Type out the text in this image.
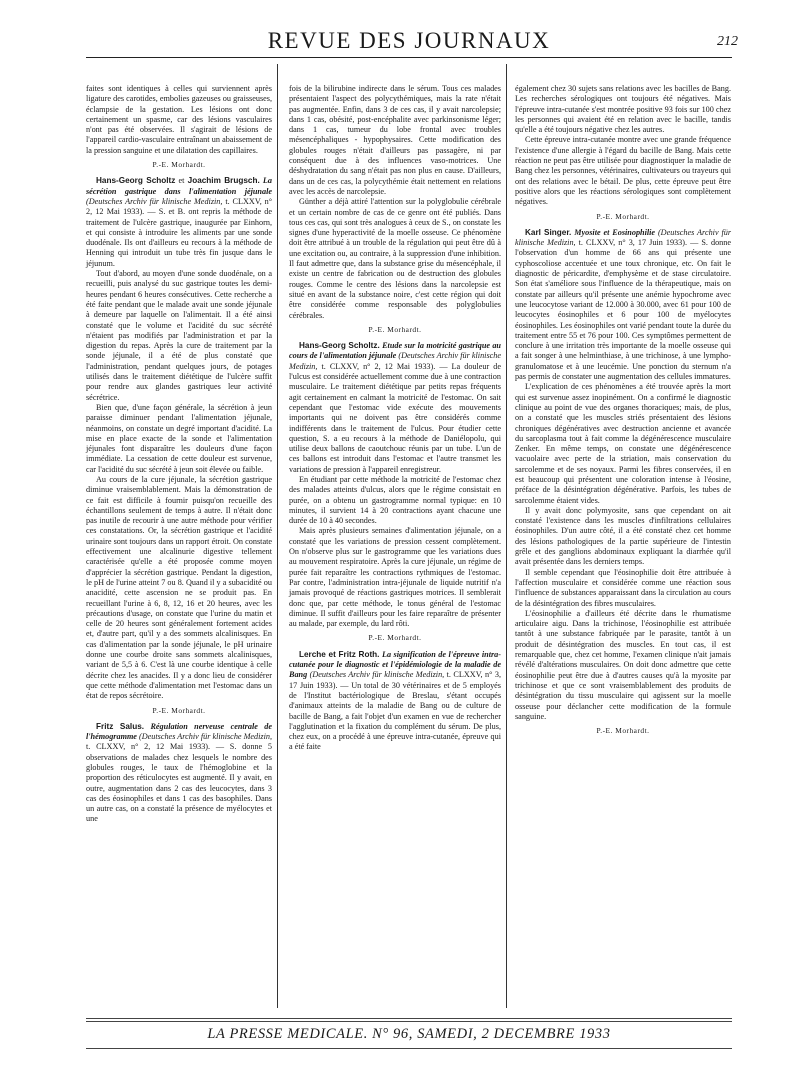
REVUE DES JOURNAUX	212

faites sont identiques à celles qui surviennent après ligature des carotides, embolies gazeuses ou graisseuses, éclampsie de la gestation. Les lésions ont donc certainement un spasme, car des lésions vasculaires n'ont pas été observées. Il s'agirait de lésions de l'appareil cardio-vasculaire entraînant un abaissement de la pression sanguine et une dilatation des capillaires.

P.-E. Morhardt.

Hans-Georg Scholtz et Joachim Brugsch. La sécrétion gastrique dans l'alimentation jéjunale (Deutsches Archiv für klinische Medizin, t. CLXXV, n° 2, 12 Mai 1933). — S. et B. ont repris la méthode de traitement de l'ulcère gastrique, inaugurée par Einhorn, et qui consiste à introduire les aliments par une sonde duodénale. Ils ont d'ailleurs eu recours à la méthode de Henning qui introduit un tube très fin jusque dans le jéjunum.

Tout d'abord, au moyen d'une sonde duodénale, on a recueilli, puis analysé du suc gastrique toutes les demi-heures pendant 6 heures consécutives. Cette recherche a été faite pendant que le malade avait une sonde jéjunale à demeure par laquelle on l'alimentait. Il a été ainsi constaté que le volume et l'acidité du suc sécrété n'étaient pas modifiés par l'administration et par la digestion du repas. Après la cure de traitement par la sonde jéjunale, il a été de plus constaté que l'administration, pendant quelques jours, de potages utilisés dans le traitement diététique de l'ulcère suffit pour rendre aux glandes gastriques leur activité sécrétrice.

Bien que, d'une façon générale, la sécrétion à jeun paraisse diminuer pendant l'alimentation jéjunale, néanmoins, on constate un degré important d'acidité. La mise en place exacte de la sonde et l'alimentation jéjunales font disparaître les douleurs d'une façon immédiate. La cessation de cette douleur est survenue, car l'acidité du suc sécrété à jeun soit élevée ou faible.

Au cours de la cure jéjunale, la sécrétion gastrique diminue vraisemblablement. Mais la démonstration de ce fait est difficile à fournir puisqu'on recueille des échantillons seulement de temps à autre. Il n'était donc pas inutile de recourir à une autre méthode pour vérifier ces constatations. Or, la sécrétion gastrique et l'acidité urinaire sont toujours dans un rapport étroit. On constate effectivement une alcalinurie digestive tellement caractérisée qu'elle a été proposée comme moyen d'apprécier la sécrétion gastrique. Pendant la digestion, le pH de l'urine atteint 7 ou 8. Quand il y a subacidité ou anacidité, cette ascension ne se produit pas. En recueillant l'urine à 6, 8, 12, 16 et 20 heures, avec les précautions d'usage, on constate que l'urine du matin et celle de 20 heures sont généralement fortement acides et, d'autre part, qu'il y a des sommets alcalinisques. En cas d'alimentation par la sonde jéjunale, le pH urinaire donne une courbe droite sans sommets alcalinisques, variant de 5,5 à 6. C'est là une courbe identique à celle décrite chez les anacides. Il y a donc lieu de considérer que cette méthode d'alimentation met l'estomac dans un état de repos sécrétoire.

P.-E. Morhardt.

Fritz Salus. Régulation nerveuse centrale de l'hémogramme (Deutsches Archiv für klinische Medizin, t. CLXXV, n° 2, 12 Mai 1933). — S. donne 5 observations de malades chez lesquels le nombre des globules rouges, le taux de l'hémoglobine et la proportion des réticulocytes est augmenté. Il y avait, en outre, augmentation dans 2 cas des leucocytes, dans 3 cas des éosinophiles et dans 1 cas des basophiles. Dans un autre cas, on a constaté la présence de myélocytes et une

fois de la bilirubine indirecte dans le sérum. Tous ces malades présentaient l'aspect des polycythémiques, mais la rate n'était pas augmentée. Enfin, dans 3 de ces cas, il y avait narcolepsie; dans 1 cas, obésité, post-encéphalite avec parkinsonisme léger; dans 1 cas, tumeur du lobe frontal avec troubles mésencéphaliques - hypophysaires. Cette modification des globules rouges n'était d'ailleurs pas passagère, ni par conséquent due à des influences vaso-motrices. Une déshydratation du sang n'était pas non plus en cause. D'ailleurs, dans un de ces cas, la polycythémie était nettement en relations avec les accès de narcolepsie.

Günther a déjà attiré l'attention sur la polyglobulie cérébrale et un certain nombre de cas de ce genre ont été publiés. Dans tous ces cas, qui sont très analogues à ceux de S., on constate les signes d'une hyperactivité de la moelle osseuse. Ce phénomène doit être attribué à un trouble de la régulation qui peut être dû à une excitation ou, au contraire, à la suppression d'une inhibition. Il faut admettre que, dans la substance grise du mésencéphale, il existe un centre de fabrication ou de destruction des globules rouges. Comme le centre des lésions dans la narcolepsie est situé en avant de la substance noire, c'est cette région qui doit être considérée comme responsable des polyglobulies cérébrales.

P.-E. Morhardt.

Hans-Georg Scholtz. Etude sur la motricité gastrique au cours de l'alimentation jéjunale (Deutsches Archiv für klinische Medizin, t. CLXXV, n° 2, 12 Mai 1933). — La douleur de l'ulcus est considérée actuellement comme due à une contraction musculaire. Le traitement diététique par petits repas fréquents agit certainement en calmant la motricité de l'estomac. On sait cependant que l'estomac vide exécute des mouvements importants qui ne doivent pas être considérés comme indifférents dans le traitement de l'ulcus. Pour étudier cette question, S. a eu recours à la méthode de Daniélopolu, qui utilise deux ballons de caoutchouc réunis par un tube. L'un de ces ballons est introduit dans l'estomac et l'autre transmet les variations de pression à l'appareil enregistreur.

En étudiant par cette méthode la motricité de l'estomac chez des malades atteints d'ulcus, alors que le régime consistait en purée, on a obtenu un gastrogramme normal typique: en 10 minutes, il survient 14 à 20 contractions ayant chacune une durée de 10 à 40 secondes.

Mais après plusieurs semaines d'alimentation jéjunale, on a constaté que les variations de pression cessent complètement. On n'observe plus sur le gastrogramme que les variations dues au mouvement respiratoire. Après la cure jéjunale, un régime de purée fait reparaître les contractions rythmiques de l'estomac. Par contre, l'administration intra-jéjunale de liquide nutritif n'a jamais provoqué de réactions gastriques motrices. Il semblerait donc que, par cette méthode, le tonus général de l'estomac diminue. Il suffit d'ailleurs pour les faire reparaître de présenter au malade, par exemple, du lard rôti.

P.-E. Morhardt.

Lerche et Fritz Roth. La signification de l'épreuve intra-cutanée pour le diagnostic et l'épidémiologie de la maladie de Bang (Deutsches Archiv für klinische Medizin, t. CLXXV, n° 3, 17 Juin 1933). — Un total de 30 vétérinaires et de 5 employés de l'Institut bactériologique de Breslau, s'étant occupés d'animaux atteints de la maladie de Bang ou de culture de bacille de Bang, a fait l'objet d'un examen en vue de rechercher l'agglutination et la fixation du complément du sérum. De plus, chez eux, on a procédé à une épreuve intra-cutanée, épreuve qui a été faite

également chez 30 sujets sans relations avec les bacilles de Bang. Les recherches sérologiques ont toujours été négatives. Mais l'épreuve intra-cutanée s'est montrée positive 93 fois sur 100 chez les personnes qui avaient été en relation avec le bacille, tandis qu'elle a été toujours négative chez les autres.

Cette épreuve intra-cutanée montre avec une grande fréquence l'existence d'une allergie à l'égard du bacille de Bang. Mais cette réaction ne peut pas être utilisée pour diagnostiquer la maladie de Bang chez les personnes, vétérinaires, cultivateurs ou trayeurs qui ont des relations avec le bétail. De plus, cette épreuve peut être positive alors que les réactions sérologiques sont complètement négatives.

P.-E. Morhardt.

Karl Singer. Myosite et Eosinophilie (Deutsches Archiv für klinische Medizin, t. CLXXV, n° 3, 17 Juin 1933). — S. donne l'observation d'un homme de 66 ans qui présente une cyphoscoliose accentuée et une toux chronique, etc. On fait le diagnostic de péricardite, d'emphysème et de stase circulatoire. Son état s'améliore sous l'influence de la thérapeutique, mais on constate par ailleurs qu'il présente une anémie hypochrome avec une leucocytose variant de 12.000 à 30.000, avec 61 pour 100 de leucocytes éosinophiles et 6 pour 100 de myélocytes éosinophiles. Les éosinophiles ont varié pendant toute la durée du traitement entre 55 et 76 pour 100. Ces symptômes permettent de conclure à une irritation très importante de la moelle osseuse qui a fait songer à une helminthiase, à une trichinose, à une lympho-granulomatose et à une leucémie. Une ponction du sternum n'a pas permis de constater une augmentation des cellules immatures.

L'explication de ces phénomènes a été trouvée après la mort qui est survenue assez inopinément. On a confirmé le diagnostic clinique au point de vue des organes thoraciques; mais, de plus, on a constaté que les muscles striés présentaient des lésions chroniques dégénératives avec destruction ancienne et avancée du sarcoplasma tout à fait comme la dégénérescence musculaire Zenker. En même temps, on constate une dégénérescence vacuolaire avec perte de la striation, mais conservation du sarcolemme et de ses noyaux. Parmi les fibres conservées, il en est beaucoup qui présentent une coloration intense à l'éosine, préface de la désintégration dégénérative. Parfois, les tubes de sarcolemme étaient vides.

Il y avait donc polymyosite, sans que cependant on ait constaté l'existence dans les muscles d'infiltrations cellulaires éosinophiles. D'un autre côté, il a été constaté chez cet homme des lésions pathologiques de la partie supérieure de l'intestin grêle et des ganglions abdominaux expliquant la diarrhée qu'il avait présentée dans les derniers temps.

Il semble cependant que l'éosinophilie doit être attribuée à l'affection musculaire et considérée comme une réaction sous l'influence de substances apparaissant dans la circulation au cours de la désintégration des fibres musculaires.

L'éosinophilie a d'ailleurs été décrite dans le rhumatisme articulaire aigu. Dans la trichinose, l'éosinophilie est attribuée tantôt à une substance fabriquée par le parasite, tantôt à un produit de désintégration des muscles. En tout cas, il est remarquable que, chez cet homme, l'examen clinique n'ait jamais révélé d'altérations musculaires. On doit donc admettre que cette éosinophilie peut être due à d'autres causes qu'à la myosite par trichinose et que ce sont vraisemblablement des produits de désintégration du tissu musculaire qui agissent sur la moelle osseuse pour déclancher cette modification de la formule sanguine.

P.-E. Morhardt.
LA PRESSE MEDICALE. N° 96, SAMEDI, 2 DECEMBRE 1933
